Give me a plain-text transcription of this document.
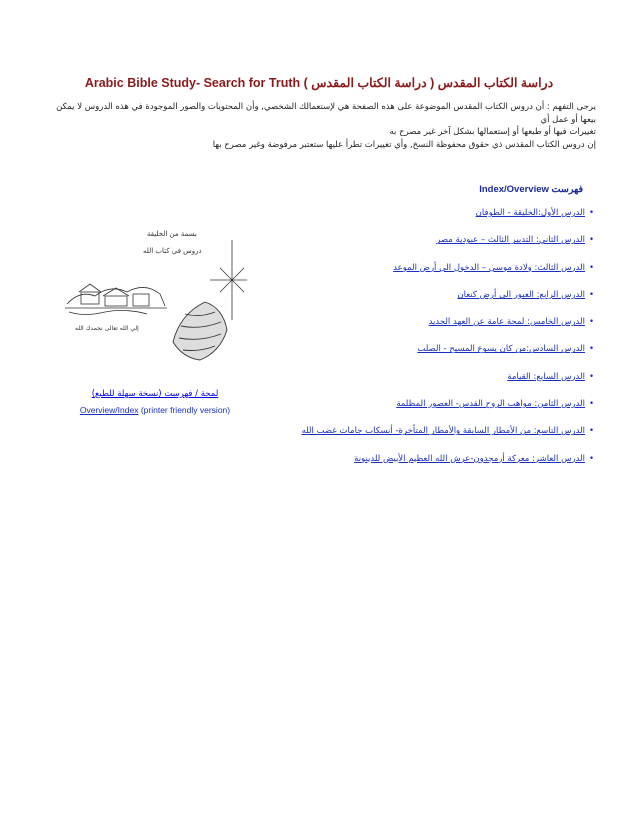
Arabic Bible Study- Search for Truth ( دراسة الكتاب المقدس ) دراسة الكتاب المقدس

يرجى التفهم : أن دروس الكتاب المقدس الموضوعة على هذه الصفحة هي لإستعمالك الشخصي, وأن المحتويات والصور الموجودة في هذه الدروس لا يمكن بيعها أو عمل أي

تغييرات فيها أو طبعها أو إستعمالها بشكل آخر غير مصرح به

إن دروس الكتاب المقدس ذي حقوق محفوظة النسخ, وأي تغييرات تطرأ عليها ستعتبر مرفوضة وغير مصرح بها

فهرست Index/Overview
•الدرس الأول:الخليقة - الطوفان
•الدرس الثاني: التدبير الثالث – عبودية مصر
•الدرس الثالث: ولادة موسى – الدخول الى أرض الموعد
•الدرس الرابع: العبور الى أرض كنعان
•الدرس الخامس: لمحة عامة عن العهد الجديد
•الدرس السادس:من كان يسوع المسيح - الصلب
•الدرس السابع: القيامة
•الدرس الثامن: مواهب الروح القدس- العصور المظلمة
•الدرس التاسع: من الأمطار السابقة والأمطار المتأخرة- أنسكاب جامات غضب الله
•الدرس العاشر: معركة أرمجدون-عرش الله العظيم الأبيض للدينونة
بسمة من الخليقة
دروس في كتاب الله
إلي الله تعالى نحمدك الله
لمحة / فهرست (نسخة سهلة للطبع)
Overview/Index (printer friendly version)
